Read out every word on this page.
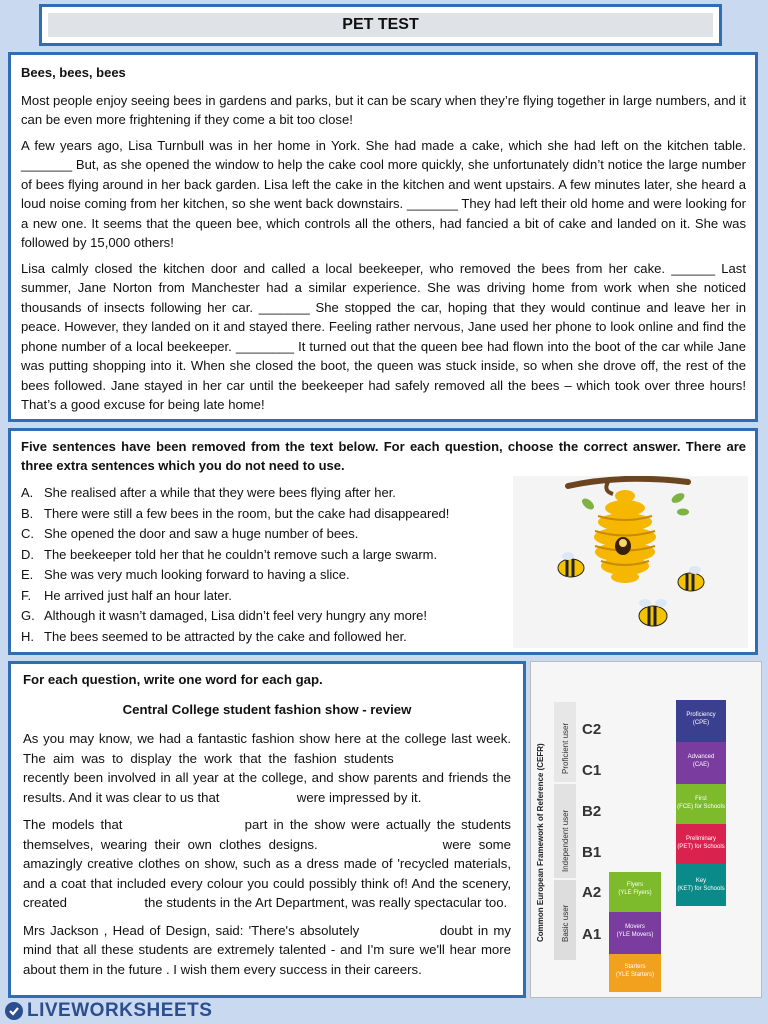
PET TEST
Bees, bees, bees

Most people enjoy seeing bees in gardens and parks, but it can be scary when they’re flying together in large numbers, and it can be even more frightening if they come a bit too close!

A few years ago, Lisa Turnbull was in her home in York. She had made a cake, which she had left on the kitchen table. _______ But, as she opened the window to help the cake cool more quickly, she unfortunately didn’t notice the large number of bees flying around in her back garden. Lisa left the cake in the kitchen and went upstairs. A few minutes later, she heard a loud noise coming from her kitchen, so she went back downstairs. _______ They had left their old home and were looking for a new one. It seems that the queen bee, which controls all the others, had fancied a bit of cake and landed on it. She was followed by 15,000 others!

Lisa calmly closed the kitchen door and called a local beekeeper, who removed the bees from her cake. ______ Last summer, Jane Norton from Manchester had a similar experience. She was driving home from work when she noticed thousands of insects following her car. _______ She stopped the car, hoping that they would continue and leave her in peace. However, they landed on it and stayed there. Feeling rather nervous, Jane used her phone to look online and find the phone number of a local beekeeper. ________ It turned out that the queen bee had flown into the boot of the car while Jane was putting shopping into it. When she closed the boot, the queen was stuck inside, so when she drove off, the rest of the bees followed. Jane stayed in her car until the beekeeper had safely removed all the bees – which took over three hours! That’s a good excuse for being late home!

Five sentences have been removed from the text below. For each question, choose the correct answer. There are three extra sentences which you do not need to use.
A. She realised after a while that they were bees flying after her.
B. There were still a few bees in the room, but the cake had disappeared!
C. She opened the door and saw a huge number of bees.
D. The beekeeper told her that he couldn’t remove such a large swarm.
E. She was very much looking forward to having a slice.
F. He arrived just half an hour later.
G. Although it wasn’t damaged, Lisa didn’t feel very hungry any more!
H. The bees seemed to be attracted by the cake and followed her.

For each question, write one word for each gap.

Central College student fashion show - review

As you may know, we had a fantastic fashion show here at the college last week. The aim was to display the work that the fashion students  recently been involved in all year at the college, and show parents and friends the results. And it was clear to us that	were impressed by it.

The models that	part in the show were actually the students themselves, wearing their own clothes designs.	were some amazingly creative clothes on show, such as a dress made of 'recycled materials, and a coat that included every colour you could possibly think of! And the scenery, created	the students in the Art Department, was really spectacular too.

Mrs Jackson , Head of Design, said: 'There's absolutely	doubt in my mind that all these students are extremely talented - and I'm sure we'll hear more about them in the future . I wish them every success in their careers.

Common European Framework of Reference (CEFR) Proficient user
Independent user
Basic user
C2
C1
B2
B1
A2
A1
Proficiency
(CPE)
Advanced
(CAE)
First
(FCE) for Schools
Preliminary
(PET) for Schools
Key
(KET) for Schools
Flyers
(YLE Flyers)
Movers
(YLE Movers)
Starters
(YLE Starters)
LIVEWORKSHEETS
